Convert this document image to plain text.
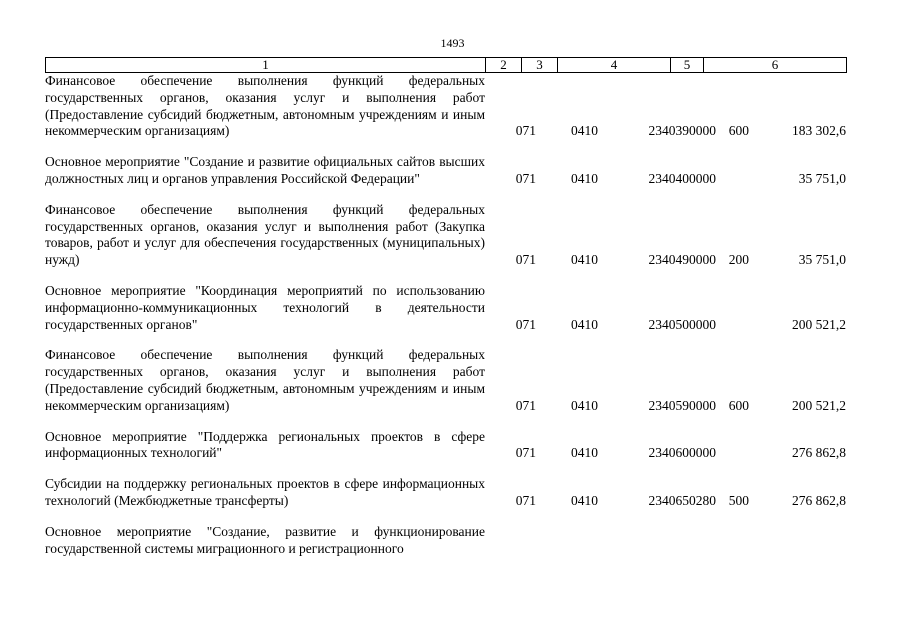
1493
1	2	3	4	5	6
Финансовое обеспечение выполнения функций федеральных государственных органов, оказания услуг и выполнения работ (Предоставление субсидий бюджетным, автономным учреждениям и иным некоммерческим организациям)	071	0410	2340390000 600	183 302,6
Основное мероприятие "Создание и развитие официальных сайтов высших должностных лиц и органов управления Российской Федерации"	071	0410	2340400000	35 751,0
Финансовое обеспечение выполнения функций федеральных государственных органов, оказания услуг и выполнения работ (Закупка товаров, работ и услуг для обеспечения государственных (муниципальных) нужд)	071	0410	2340490000 200	35 751,0
Основное мероприятие "Координация мероприятий по использованию информационно-коммуникационных технологий в деятельности государственных органов"	071	0410	2340500000	200 521,2
Финансовое обеспечение выполнения функций федеральных государственных органов, оказания услуг и выполнения работ (Предоставление субсидий бюджетным, автономным учреждениям и иным некоммерческим организациям)	071	0410	2340590000 600	200 521,2
Основное мероприятие "Поддержка региональных проектов в сфере информационных технологий"	071	0410	2340600000	276 862,8
Субсидии на поддержку региональных проектов в сфере информационных технологий (Межбюджетные трансферты)	071	0410	2340650280 500	276 862,8
Основное мероприятие "Создание, развитие и функционирование государственной системы миграционного и регистрационного
